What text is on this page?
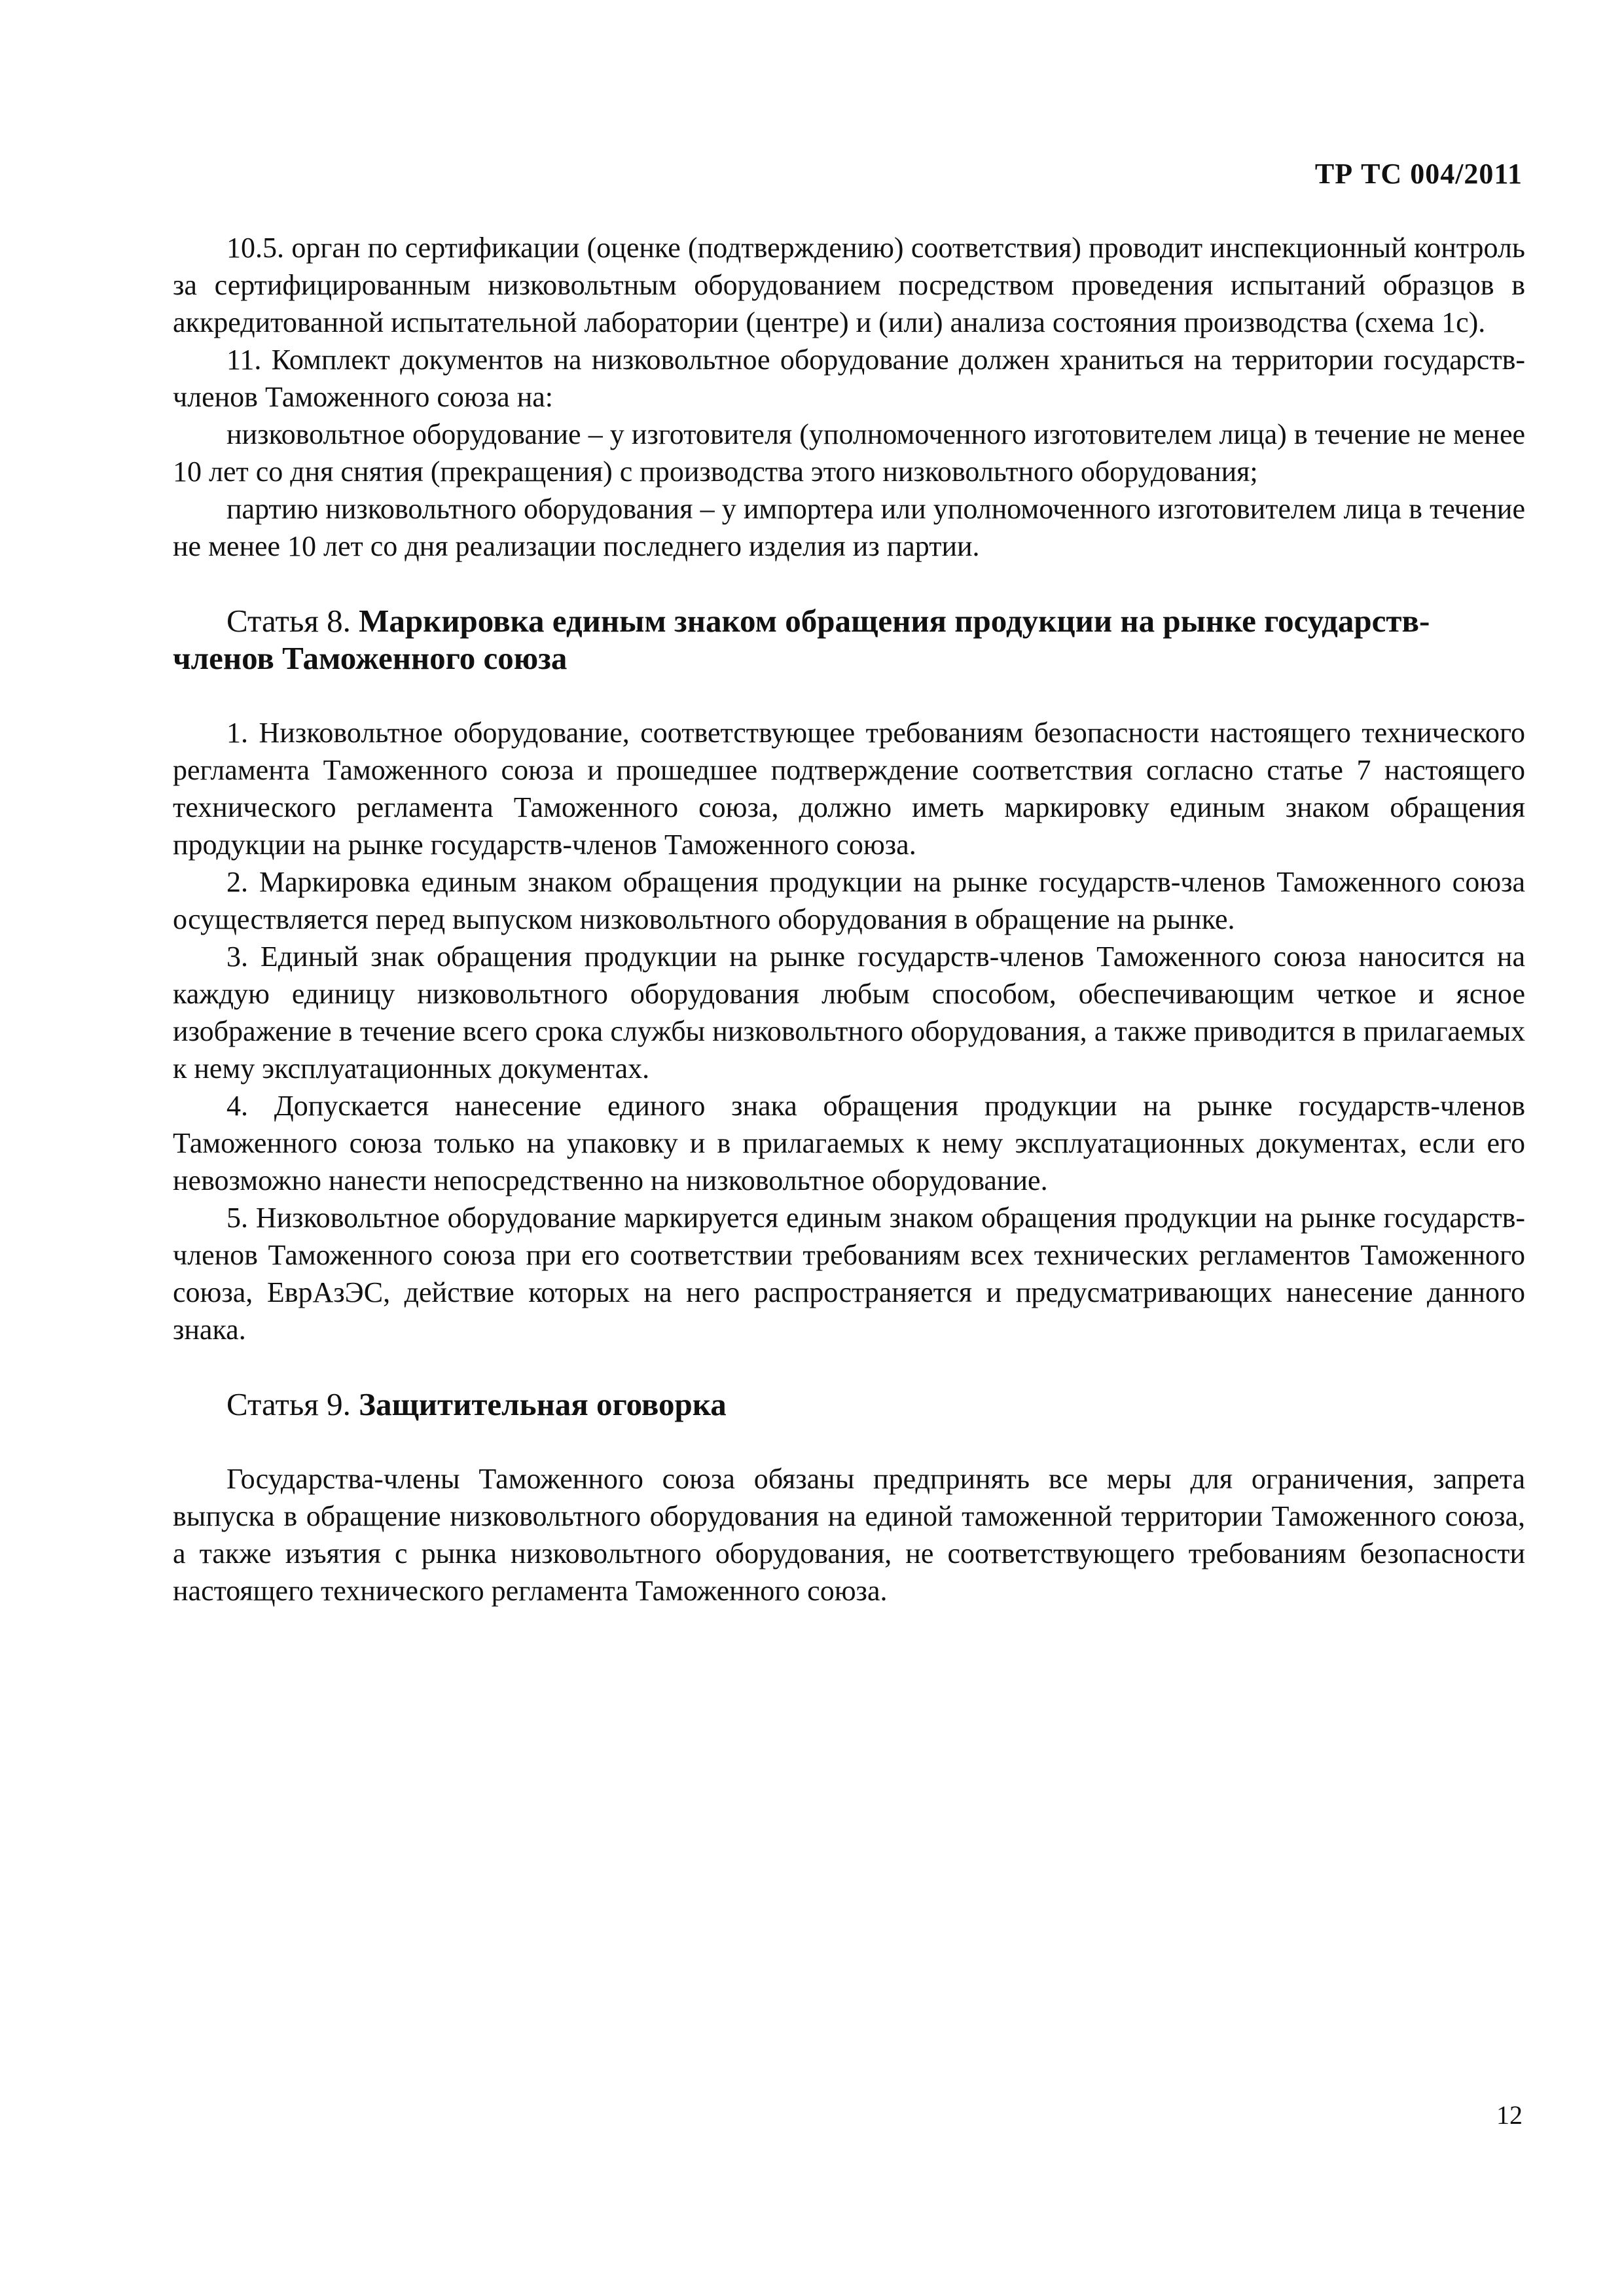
ТР ТС 004/2011

10.5. орган по сертификации (оценке (подтверждению) соответствия) проводит инспекционный контроль за сертифицированным низковольтным оборудованием посредством проведения испытаний образцов в аккредитованной испытательной лаборатории (центре) и (или) анализа состояния производства (схема 1с).

11. Комплект документов на низковольтное оборудование должен храниться на территории государств-членов Таможенного союза на:

низковольтное оборудование – у изготовителя (уполномоченного изготовителем лица) в течение не менее 10 лет со дня снятия (прекращения) с производства этого низковольтного оборудования;

партию низковольтного оборудования – у импортера или уполномоченного изготовителем лица в течение не менее 10 лет со дня реализации последнего изделия из партии.

Статья 8. Маркировка единым знаком обращения продукции на рынке государств-членов Таможенного союза

1. Низковольтное оборудование, соответствующее требованиям безопасности настоящего технического регламента Таможенного союза и прошедшее подтверждение соответствия согласно статье 7 настоящего технического регламента Таможенного союза, должно иметь маркировку единым знаком обращения продукции на рынке государств-членов Таможенного союза.

2. Маркировка единым знаком обращения продукции на рынке государств-членов Таможенного союза осуществляется перед выпуском низковольтного оборудования в обращение на рынке.

3. Единый знак обращения продукции на рынке государств-членов Таможенного союза наносится на каждую единицу низковольтного оборудования любым способом, обеспечивающим четкое и ясное изображение в течение всего срока службы низковольтного оборудования, а также приводится в прилагаемых к нему эксплуатационных документах.

4. Допускается нанесение единого знака обращения продукции на рынке государств-членов Таможенного союза только на упаковку и в прилагаемых к нему эксплуатационных документах, если его невозможно нанести непосредственно на низковольтное оборудование.

5. Низковольтное оборудование маркируется единым знаком обращения продукции на рынке государств-членов Таможенного союза при его соответствии требованиям всех технических регламентов Таможенного союза, ЕврАзЭС, действие которых на него распространяется и предусматривающих нанесение данного знака.

Статья 9. Защитительная оговорка

Государства-члены Таможенного союза обязаны предпринять все меры для ограничения, запрета выпуска в обращение низковольтного оборудования на единой таможенной территории Таможенного союза, а также изъятия с рынка низковольтного оборудования, не соответствующего требованиям безопасности настоящего технического регламента Таможенного союза.

12
